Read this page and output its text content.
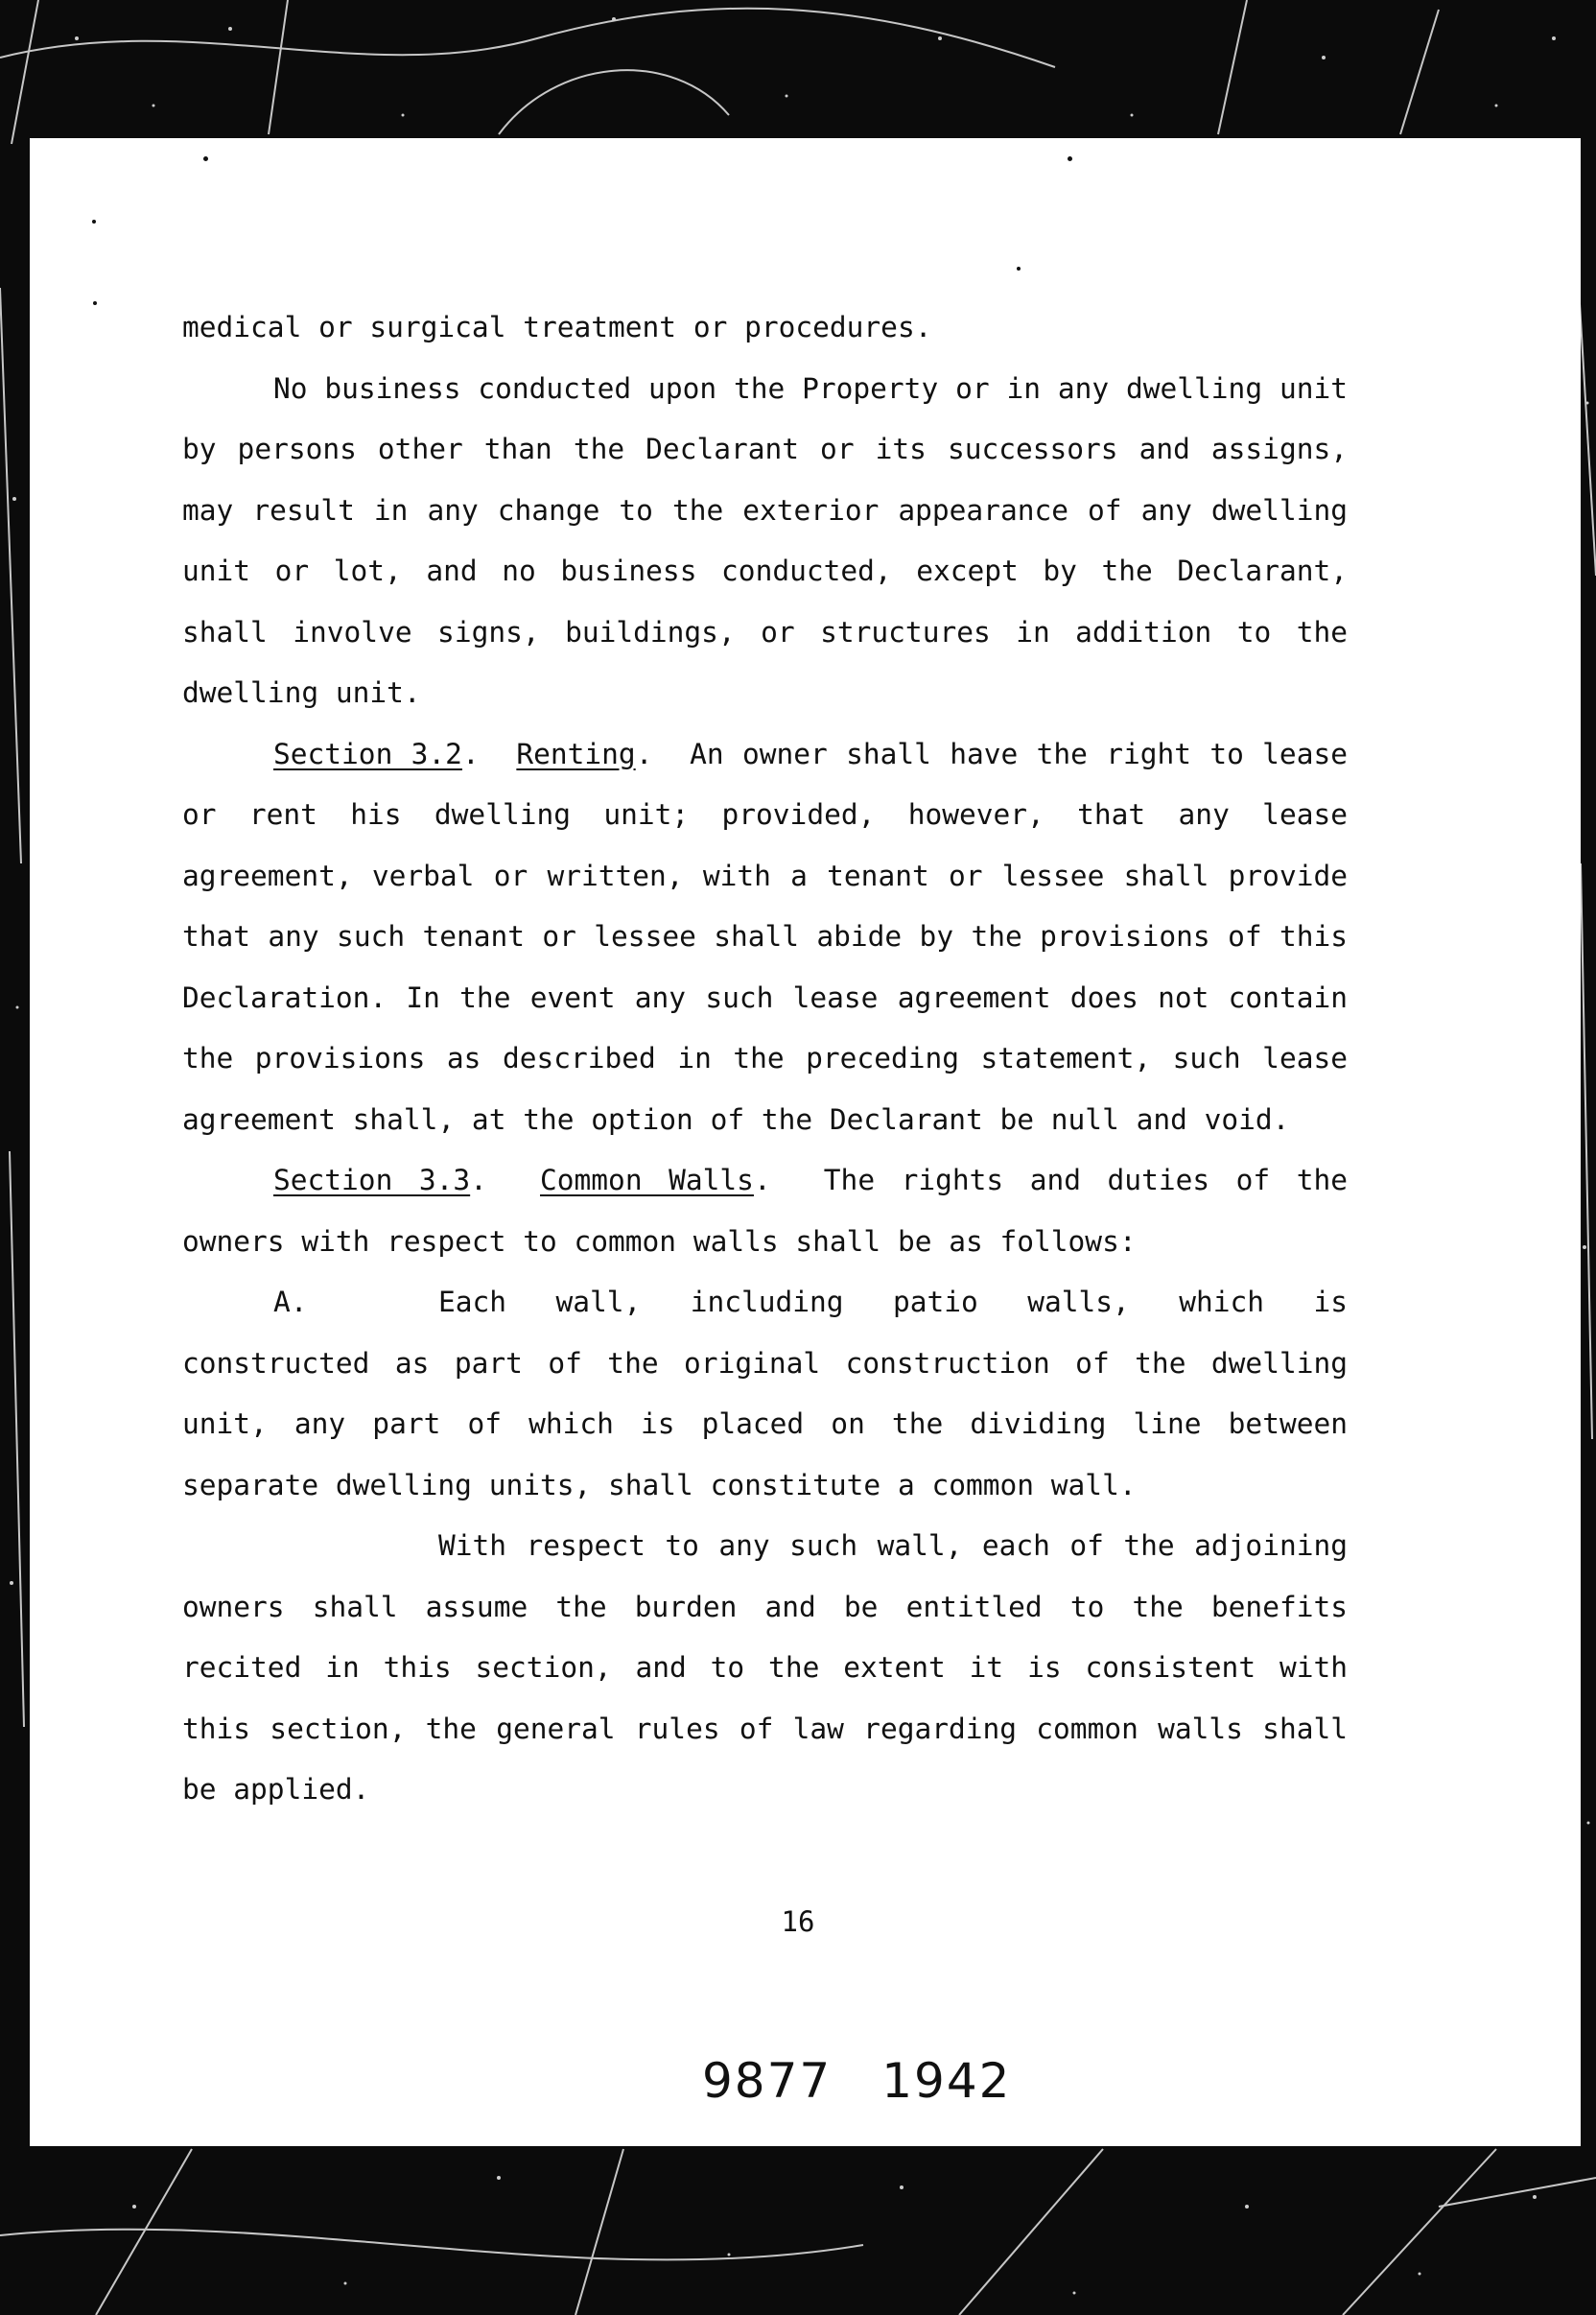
medical or surgical treatment or procedures.

No business conducted upon the Property or in any dwelling unit by persons other than the Declarant or its successors and assigns, may result in any change to the exterior appearance of any dwelling unit or lot, and no business conducted, except by the Declarant, shall involve signs, buildings, or structures in addition to the dwelling unit.

Section 3.2.  Renting.  An owner shall have the right to lease or rent his dwelling unit; provided, however, that any lease agreement, verbal or written, with a tenant or lessee shall provide that any such tenant or lessee shall abide by the provisions of this Declaration. In the event any such lease agreement does not contain the provisions as described in the preceding statement, such lease agreement shall, at the option of the Declarant be null and void.

Section 3.3.  Common Walls.  The rights and duties of the owners with respect to common walls shall be as follows:

A.	Each wall, including patio walls, which is constructed as part of the original construction of the dwelling unit, any part of which is placed on the dividing line between separate dwelling units, shall constitute a common wall.

With respect to any such wall, each of the adjoining owners shall assume the burden and be entitled to the benefits recited in this section, and to the extent it is consistent with this section, the general rules of law regarding common walls shall be applied.

16
9877 1942
